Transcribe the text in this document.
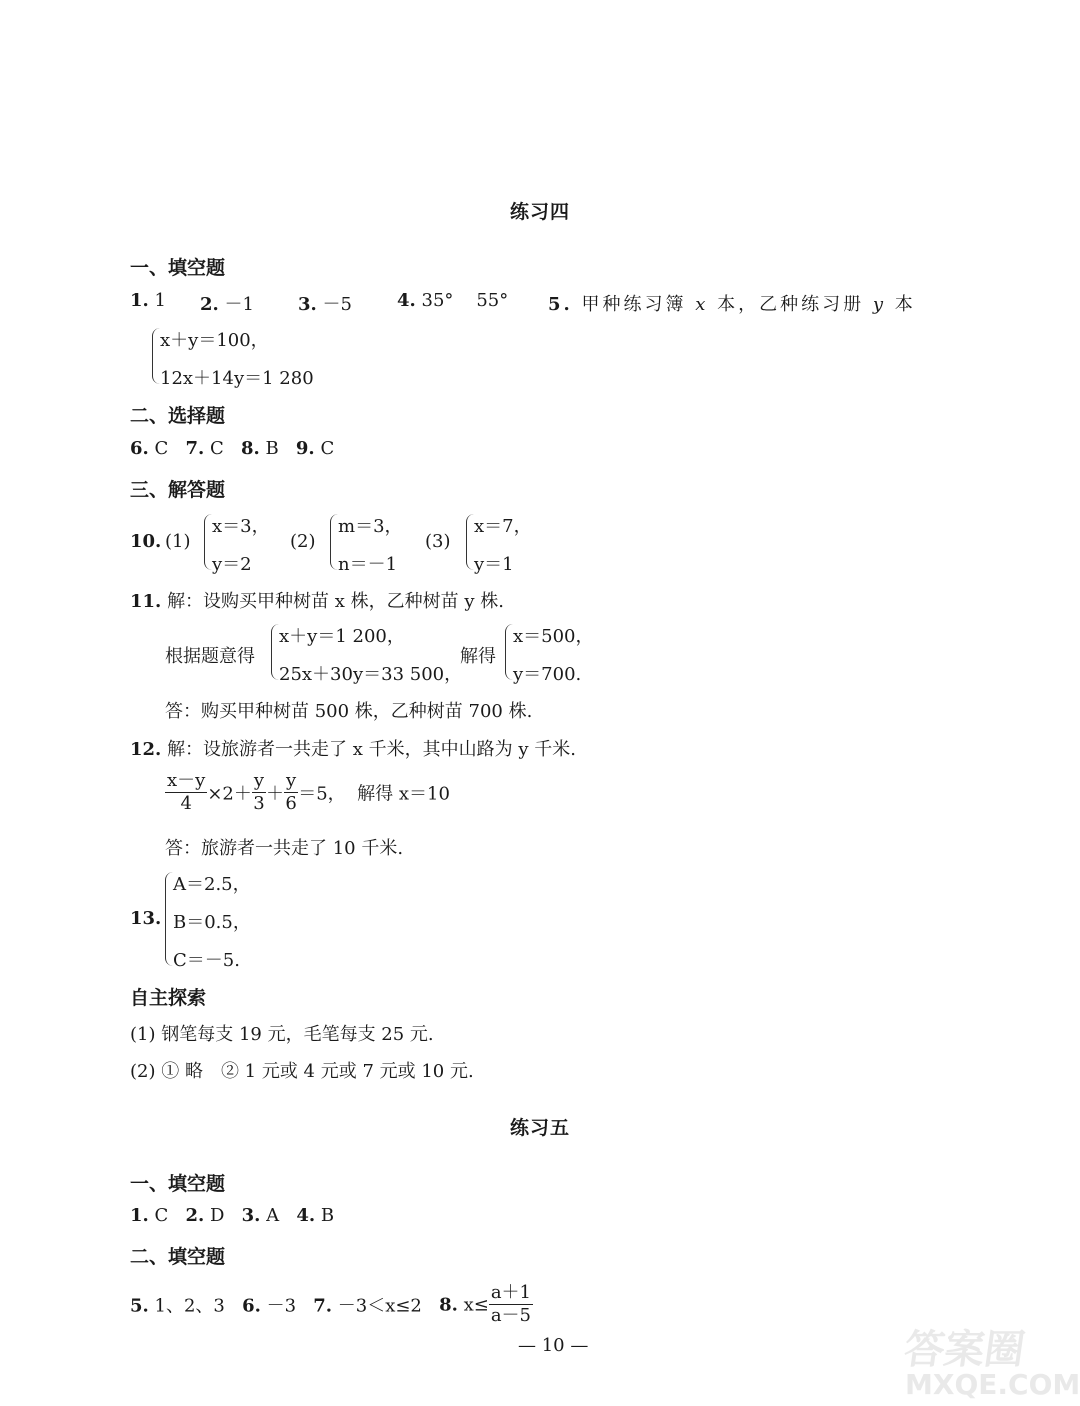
练习四
一、填空题
1. 1 2. －1 3. －5	4. 35° 55° 5. 甲种练习簿 x 本，乙种练习册 y 本
x＋y＝100，
12x＋14y＝1 280
二、选择题
6. C 7. C 8. B 9. C
三、解答题
10. (1)
x＝3，
y＝2
(2)
m＝3，
n＝－1
(3)
x＝7，
y＝1
11. 解：设购买甲种树苗 x 株，乙种树苗 y 株.
根据题意得
x＋y＝1 200，
25x＋30y＝33 500，
解得
x＝500，
y＝700.
答：购买甲种树苗 500 株，乙种树苗 700 株.
12. 解：设旅游者一共走了 x 千米，其中山路为 y 千米.
$\frac{x-y}{4} \times 2+ \frac{y}{3} + \frac{y}{6} =5$， 解得 x＝10
答：旅游者一共走了 10 千米.
13.
A＝2.5，
B＝0.5，
C＝－5.
自主探索
(1) 钢笔每支 19 元，毛笔每支 25 元.
(2) ① 略　② 1 元或 4 元或 7 元或 10 元.
练习五
一、填空题
1. C 2. D 3. A 4. B
二、填空题
5. 1、2、3 6. －3 7. －3＜x≤2 8. $x\le \frac{a+1}{a-5}$
— 10 —	答案圈
MXQE.COM
